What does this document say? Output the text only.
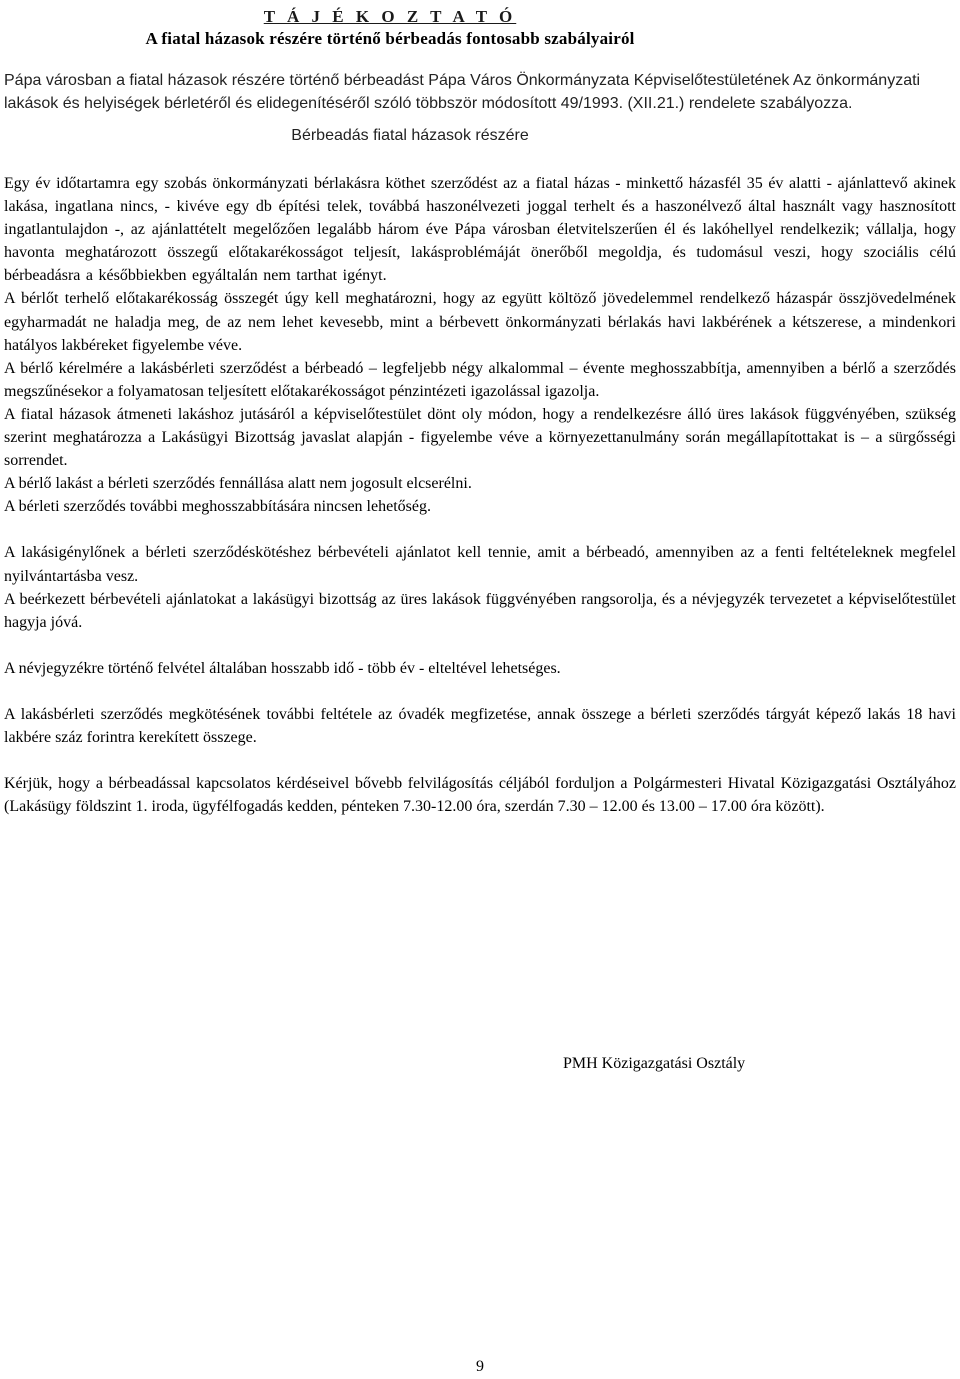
T Á J É K O Z T A T Ó
A fiatal házasok részére történő bérbeadás fontosabb szabályairól
Pápa városban a fiatal házasok részére történő bérbeadást Pápa Város Önkormányzata Képviselőtestületének Az önkormányzati lakások és helyiségek bérletéről és elidegenítéséről szóló többször módosított 49/1993. (XII.21.) rendelete szabályozza.
Bérbeadás fiatal házasok részére

Egy év időtartamra egy szobás önkormányzati bérlakásra köthet szerződést az a fiatal házas - minkettő házasfél 35 év alatti - ajánlattevő akinek lakása, ingatlana nincs, - kivéve egy db építési telek, továbbá haszonélvezeti joggal terhelt és a haszonélvező által használt vagy hasznosított ingatlantulajdon -, az ajánlattételt megelőzően legalább három éve Pápa városban életvitelszerűen él és lakóhellyel rendelkezik; vállalja, hogy havonta meghatározott összegű előtakarékosságot teljesít, lakásproblémáját önerőből megoldja, és tudomásul veszi, hogy szociális célú bérbeadásra a későbbiekben egyáltalán nem tarthat igényt.

A bérlőt terhelő előtakarékosság összegét úgy kell meghatározni, hogy az együtt költöző jövedelemmel rendelkező házaspár összjövedelmének egyharmadát ne haladja meg, de az nem lehet kevesebb, mint a bérbevett önkormányzati bérlakás havi lakbérének a kétszerese, a mindenkori hatályos lakbéreket figyelembe véve.

A bérlő kérelmére a lakásbérleti szerződést a bérbeadó – legfeljebb négy alkalommal – évente meghosszabbítja, amennyiben a bérlő a szerződés megszűnésekor a folyamatosan teljesített előtakarékosságot pénzintézeti igazolással igazolja.

A fiatal házasok átmeneti lakáshoz jutásáról a képviselőtestület dönt oly módon, hogy a rendelkezésre álló üres lakások függvényében, szükség szerint meghatározza a Lakásügyi Bizottság javaslat alapján - figyelembe véve a környezettanulmány során megállapítottakat is – a sürgősségi sorrendet.

A bérlő lakást a bérleti szerződés fennállása alatt nem jogosult elcserélni.

A bérleti szerződés további meghosszabbítására nincsen lehetőség.

A lakásigénylőnek a bérleti szerződéskötéshez bérbevételi ajánlatot kell tennie, amit a bérbeadó, amennyiben az a fenti feltételeknek megfelel nyilvántartásba vesz.

A beérkezett bérbevételi ajánlatokat a lakásügyi bizottság az üres lakások függvényében rangsorolja, és a névjegyzék tervezetet a képviselőtestület hagyja jóvá.

A névjegyzékre történő felvétel általában hosszabb idő - több év - elteltével lehetséges.

A lakásbérleti szerződés megkötésének további feltétele az óvadék megfizetése, annak összege a bérleti szerződés tárgyát képező lakás 18 havi lakbére száz forintra kerekített összege.

Kérjük, hogy a bérbeadással kapcsolatos kérdéseivel bővebb felvilágosítás céljából forduljon a Polgármesteri Hivatal Közigazgatási Osztályához (Lakásügy földszint 1. iroda, ügyfélfogadás kedden, pénteken 7.30-12.00 óra, szerdán 7.30 – 12.00 és 13.00 – 17.00 óra között).

PMH Közigazgatási Osztály
9
